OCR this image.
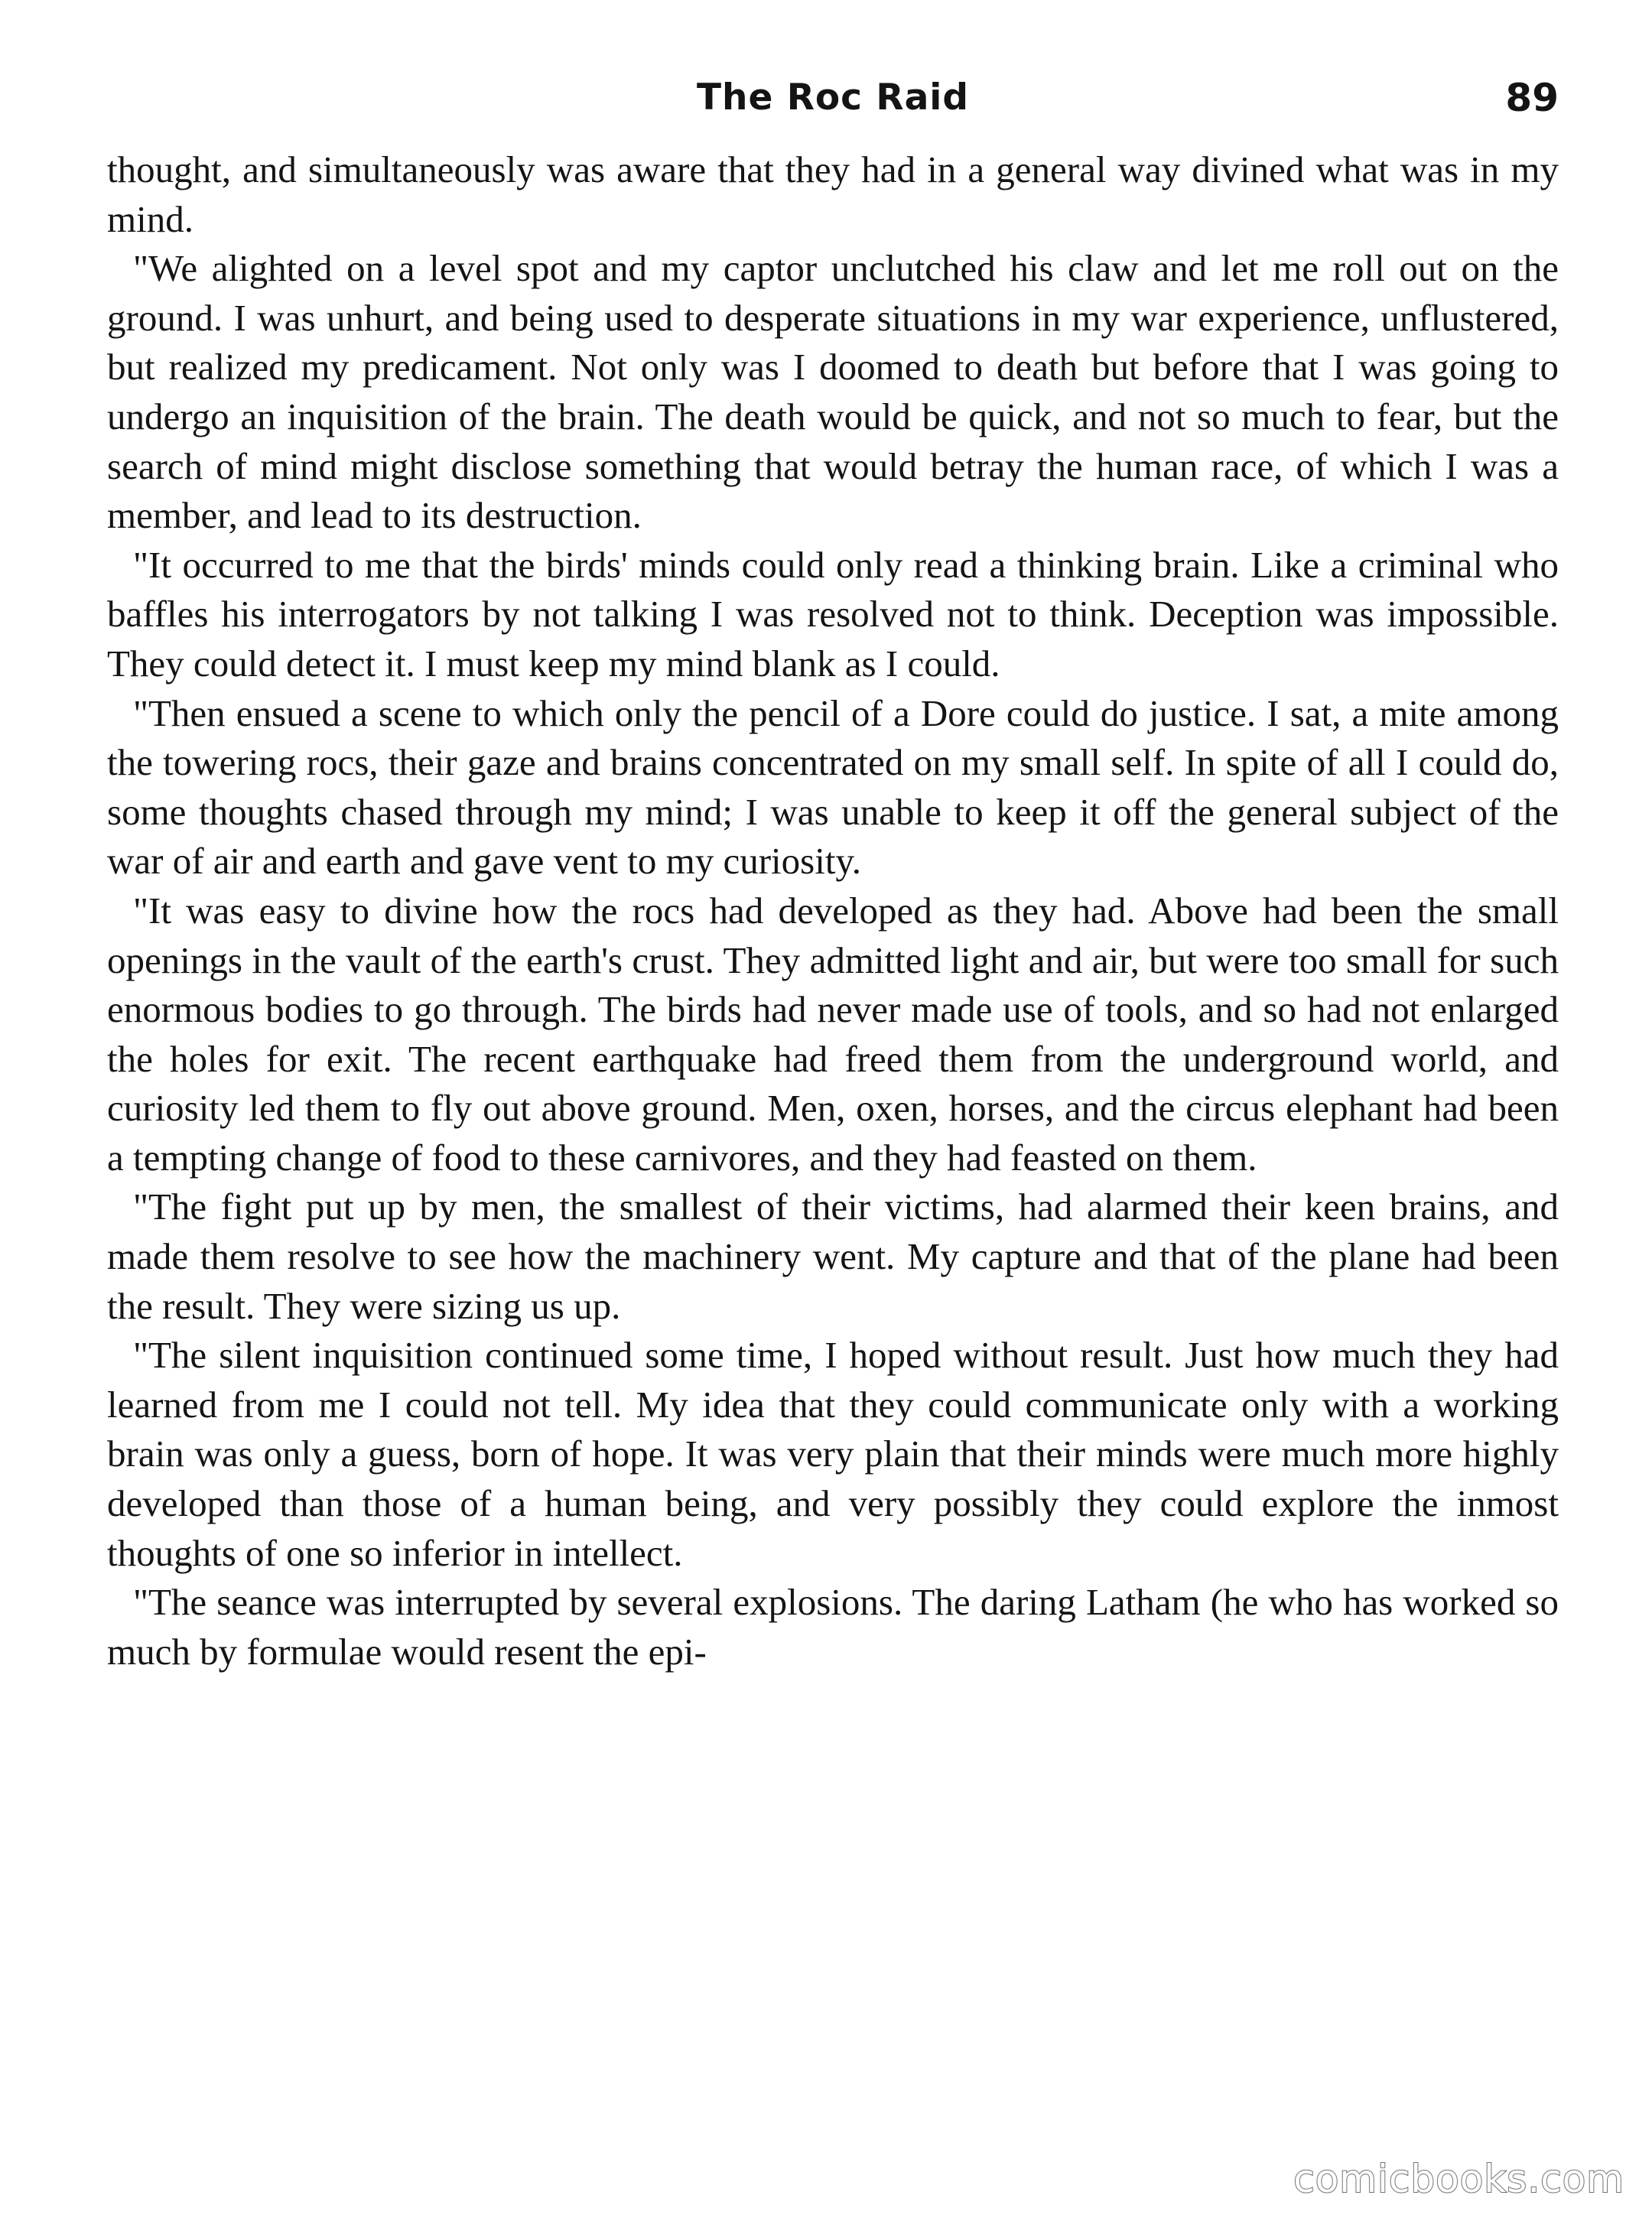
The Roc Raid	89

thought, and simultaneously was aware that they had in a general way divined what was in my mind.

"We alighted on a level spot and my captor unclutched his claw and let me roll out on the ground. I was unhurt, and being used to desperate situations in my war experience, unflustered, but realized my predicament. Not only was I doomed to death but before that I was going to undergo an inquisition of the brain. The death would be quick, and not so much to fear, but the search of mind might disclose something that would betray the human race, of which I was a member, and lead to its destruction.

"It occurred to me that the birds' minds could only read a thinking brain. Like a criminal who baffles his interrogators by not talking I was resolved not to think. Deception was impossible. They could detect it. I must keep my mind blank as I could.

"Then ensued a scene to which only the pencil of a Dore could do justice. I sat, a mite among the towering rocs, their gaze and brains concentrated on my small self. In spite of all I could do, some thoughts chased through my mind; I was unable to keep it off the general subject of the war of air and earth and gave vent to my curiosity.

"It was easy to divine how the rocs had developed as they had. Above had been the small openings in the vault of the earth's crust. They admitted light and air, but were too small for such enormous bodies to go through. The birds had never made use of tools, and so had not enlarged the holes for exit. The recent earthquake had freed them from the underground world, and curiosity led them to fly out above ground. Men, oxen, horses, and the circus elephant had been a tempting change of food to these carnivores, and they had feasted on them.

"The fight put up by men, the smallest of their victims, had alarmed their keen brains, and made them resolve to see how the machinery went. My capture and that of the plane had been the result. They were sizing us up.

"The silent inquisition continued some time, I hoped without result. Just how much they had learned from me I could not tell. My idea that they could communicate only with a working brain was only a guess, born of hope. It was very plain that their minds were much more highly developed than those of a human being, and very possibly they could explore the inmost thoughts of one so inferior in intellect.

"The seance was interrupted by several explosions. The daring Latham (he who has worked so much by formulae would resent the epi-

comicbooks.com
